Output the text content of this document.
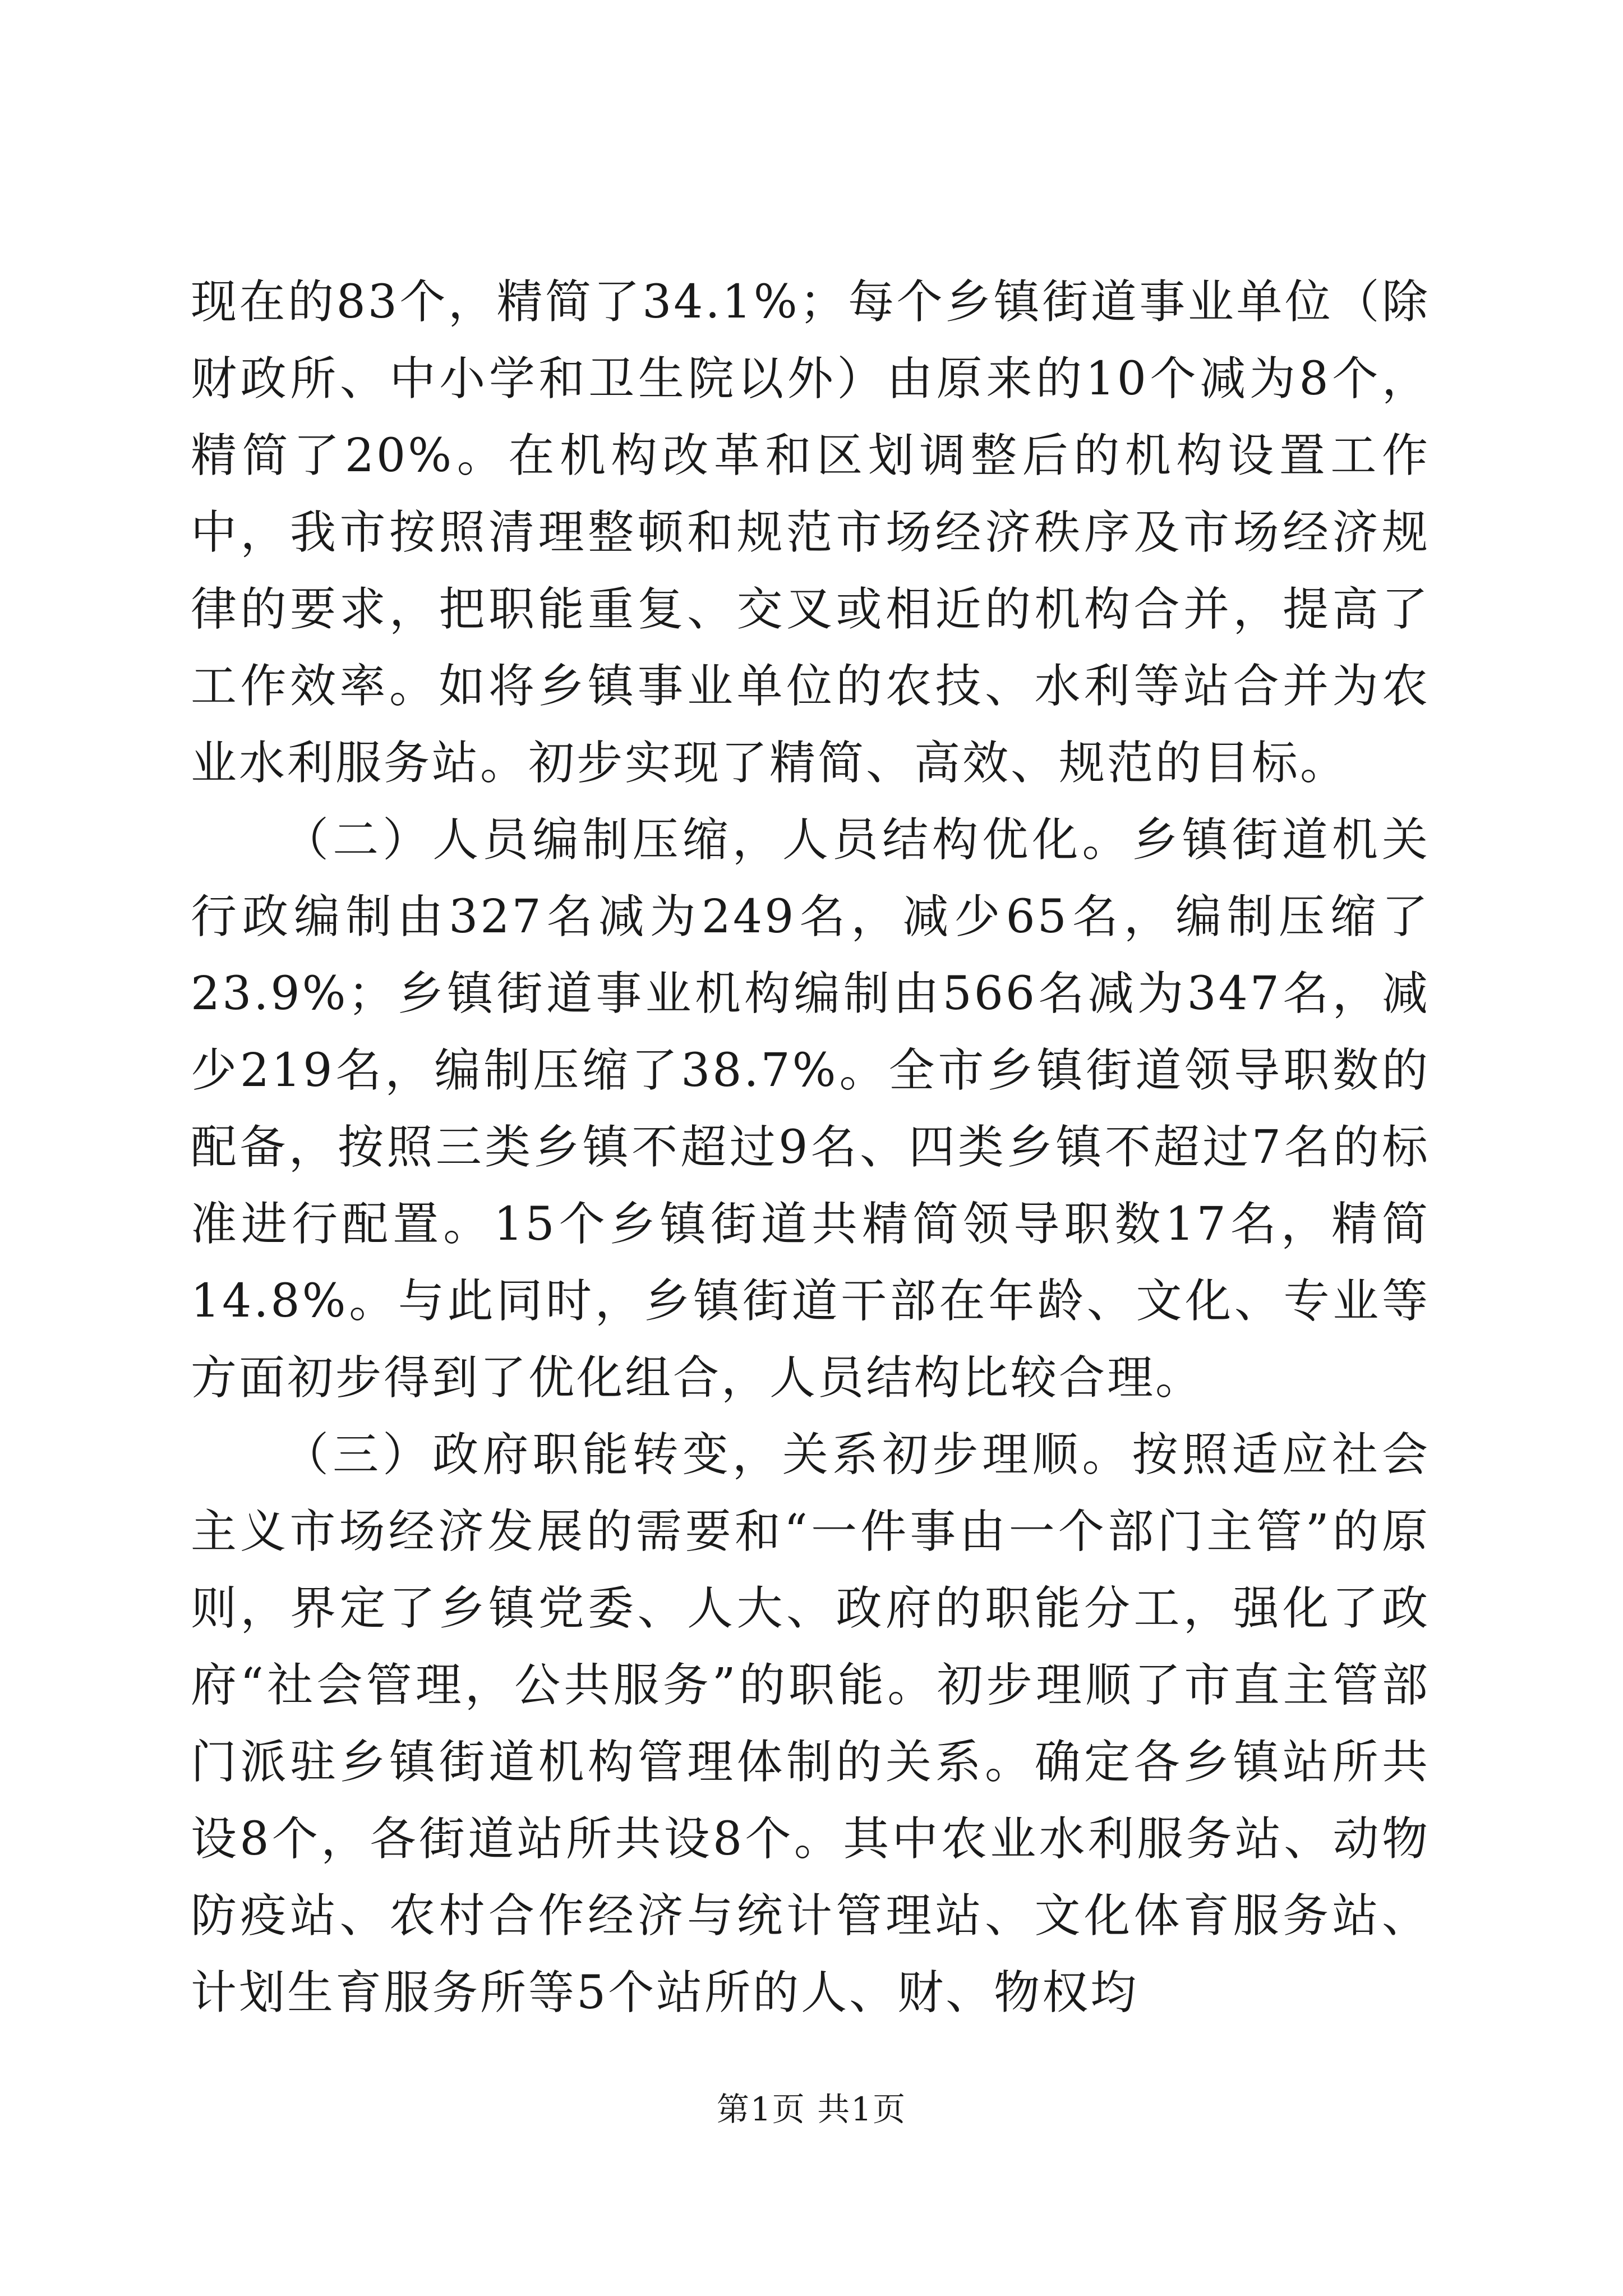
现在的83个，精简了34.1%；每个乡镇街道事业单位（除财政所、中小学和卫生院以外）由原来的10个减为8个，精简了20%。在机构改革和区划调整后的机构设置工作中，我市按照清理整顿和规范市场经济秩序及市场经济规律的要求，把职能重复、交叉或相近的机构合并，提高了工作效率。如将乡镇事业单位的农技、水利等站合并为农业水利服务站。初步实现了精简、高效、规范的目标。

（二）人员编制压缩，人员结构优化。乡镇街道机关行政编制由327名减为249名，减少65名，编制压缩了23.9%；乡镇街道事业机构编制由566名减为347名，减少219名，编制压缩了38.7%。全市乡镇街道领导职数的配备，按照三类乡镇不超过9名、四类乡镇不超过7名的标准进行配置。15个乡镇街道共精简领导职数17名，精简14.8%。与此同时，乡镇街道干部在年龄、文化、专业等方面初步得到了优化组合，人员结构比较合理。

（三）政府职能转变，关系初步理顺。按照适应社会主义市场经济发展的需要和“一件事由一个部门主管”的原则，界定了乡镇党委、人大、政府的职能分工，强化了政府“社会管理，公共服务”的职能。初步理顺了市直主管部门派驻乡镇街道机构管理体制的关系。确定各乡镇站所共设8个，各街道站所共设8个。其中农业水利服务站、动物防疫站、农村合作经济与统计管理站、文化体育服务站、计划生育服务所等5个站所的人、财、物权均

第1页 共1页
